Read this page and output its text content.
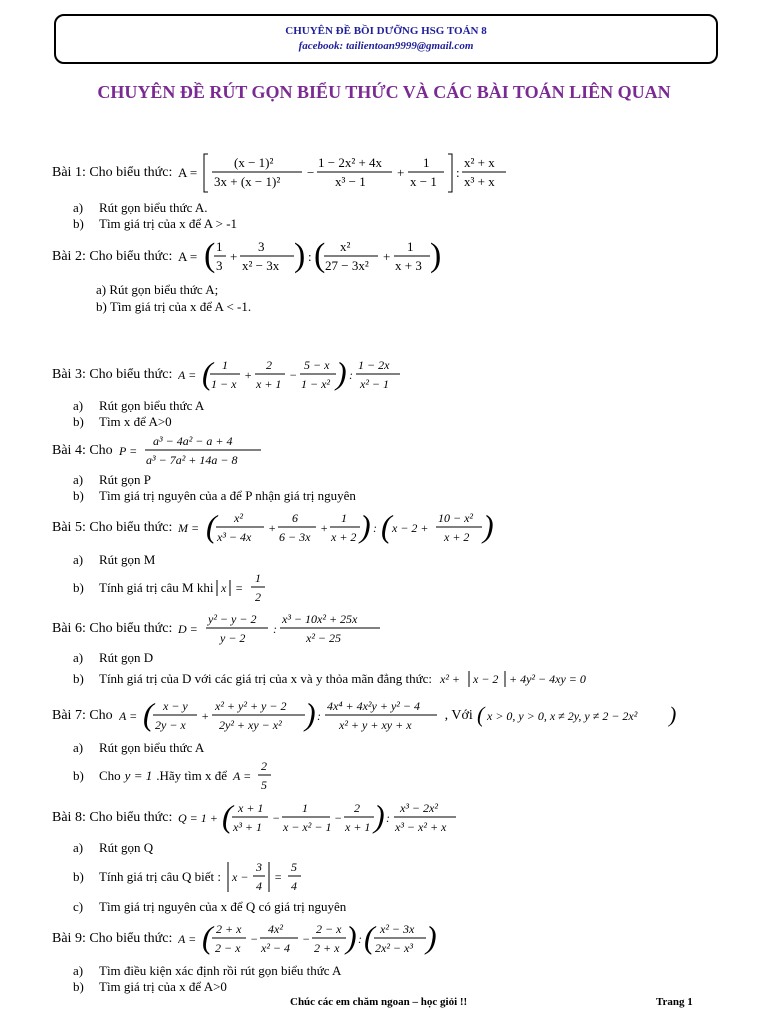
CHUYÊN ĐỀ BỒI DƯỠNG HSG TOÁN 8
facebook: tailientoan9999@gmail.com
CHUYÊN ĐỀ RÚT GỌN BIỂU THỨC VÀ CÁC BÀI TOÁN LIÊN QUAN
Bài 1: Cho biểu thức: A =
(x − 1)²
3x + (x − 1)²
−
1 − 2x² + 4x
x³ − 1
+
1
x − 1
:
x² + x
x³ + x
a)	Rút gọn biểu thức A.
b)	Tìm giá trị của x để A > -1
Bài 2: Cho biểu thức: A = ( 1
3
+
3
x² − 3x ) : ( x²
27 − 3x²
+
1
x + 3 )
a) Rút gọn biểu thức A;
b) Tìm giá trị của x để A < -1.
Bài 3: Cho biểu thức: A = ( 1
1 − x
+
2
x + 1
−
5 − x
1 − x² ) :
1 − 2x
x² − 1
a)	Rút gọn biểu thức A
b)	Tìm x để A>0
Bài 4: Cho P =
a³ − 4a² − a + 4
a³ − 7a² + 14a − 8
a)	Rút gọn P
b)	Tìm giá trị nguyên của a để P nhận giá trị nguyên
Bài 5: Cho biểu thức: M = ( x²
x³ − 4x
+
6
6 − 3x
+
1
x + 2 ) : ( x − 2 +
10 − x²
x + 2 )
a)	Rút gọn M
b)	Tính giá trị câu M khi x =
1
2
Bài 6: Cho biểu thức: D =
y² − y − 2
y − 2
:
x³ − 10x² + 25x
x² − 25
a)	Rút gọn D
b)	Tính giá trị của D với các giá trị của x và y thỏa mãn đẳng thức: x² + x − 2 + 4y² − 4xy = 0
Bài 7: Cho A = ( x − y
2y − x
+
x² + y² + y − 2
2y² + xy − x² ) :
4x⁴ + 4x²y + y² − 4
x² + y + xy + x
, Với ( x > 0, y > 0, x ≠ 2y, y ≠ 2 − 2x² )
a)	Rút gọn biểu thức A
b)	Cho y = 1 .Hãy tìm x để A =
2
5
Bài 8: Cho biểu thức: Q = 1 + ( x + 1
x³ + 1
−
1
x − x² − 1
−
2
x + 1 ) :
x³ − 2x²
x³ − x² + x
a)	Rút gọn Q
b)	Tính giá trị câu Q biết : x −
3
4
=
5
4
c)	Tìm giá trị nguyên của x để Q có giá trị nguyên
Bài 9: Cho biểu thức: A = ( 2 + x
2 − x
−
4x²
x² − 4
−
2 − x
2 + x ) : ( x² − 3x
2x² − x³ )
a)	Tìm điều kiện xác định rồi rút gọn biểu thức A
b)	Tìm giá trị của x để A>0
Chúc các em chăm ngoan – học giỏi !!	Trang 1
